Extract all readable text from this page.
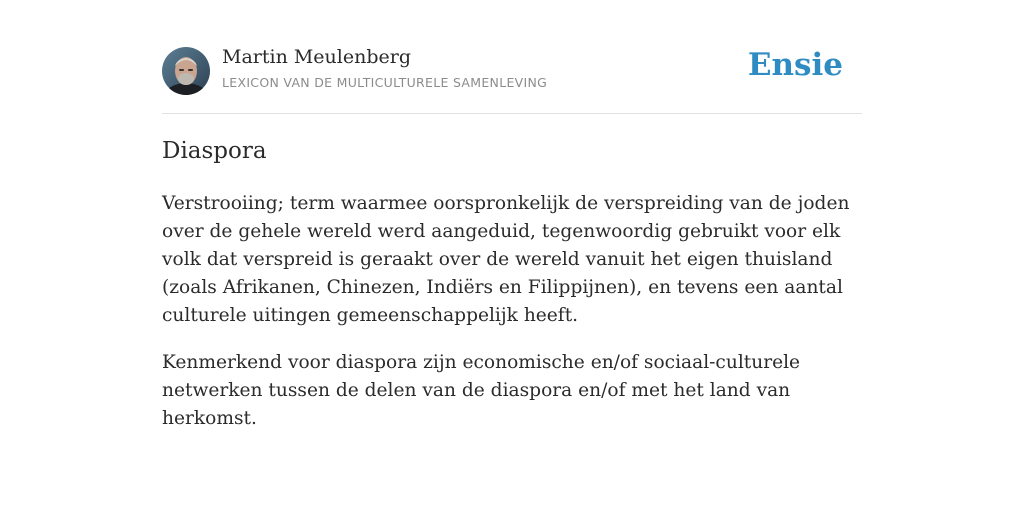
Martin Meulenberg
LEXICON VAN DE MULTICULTURELE SAMENLEVING	Ensie
Diaspora

Verstrooiing; term waarmee oorspronkelijk de verspreiding van de joden over de gehele wereld werd aangeduid, tegenwoordig gebruikt voor elk volk dat verspreid is geraakt over de wereld vanuit het eigen thuisland (zoals Afrikanen, Chinezen, Indiërs en Filippijnen), en tevens een aantal culturele uitingen gemeenschappelijk heeft.

Kenmerkend voor diaspora zijn economische en/of sociaal-culturele netwerken tussen de delen van de diaspora en/of met het land van herkomst.
